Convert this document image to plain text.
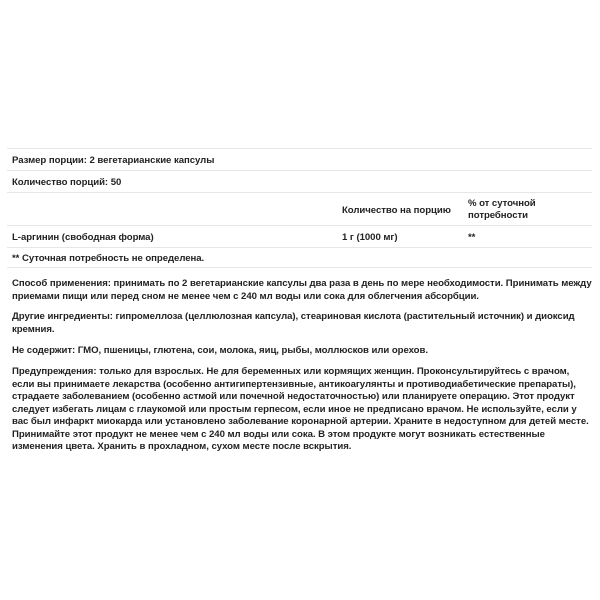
Размер порции: 2 вегетарианские капсулы
Количество порций: 50
Количество на порцию
% от суточной потребности
L-аргинин (свободная форма)	1 г (1000 мг)	**
** Суточная потребность не определена.

Способ применения: принимать по 2 вегетарианские капсулы два раза в день по мере необходимости. Принимать между приемами пищи или перед сном не менее чем с 240 мл воды или сока для облегчения абсорбции.

Другие ингредиенты: гипромеллоза (целлюлозная капсула), стеариновая кислота (растительный источник) и диоксид кремния.

Не содержит: ГМО, пшеницы, глютена, сои, молока, яиц, рыбы, моллюсков или орехов.

Предупреждения: только для взрослых. Не для беременных или кормящих женщин. Проконсультируйтесь с врачом, если вы принимаете лекарства (особенно антигипертензивные, антикоагулянты и противодиабетические препараты), страдаете заболеванием (особенно астмой или почечной недостаточностью) или планируете операцию. Этот продукт следует избегать лицам с глаукомой или простым герпесом, если иное не предписано врачом. Не используйте, если у вас был инфаркт миокарда или установлено заболевание коронарной артерии. Храните в недоступном для детей месте. Принимайте этот продукт не менее чем с 240 мл воды или сока. В этом продукте могут возникать естественные изменения цвета. Хранить в прохладном, сухом месте после вскрытия.
